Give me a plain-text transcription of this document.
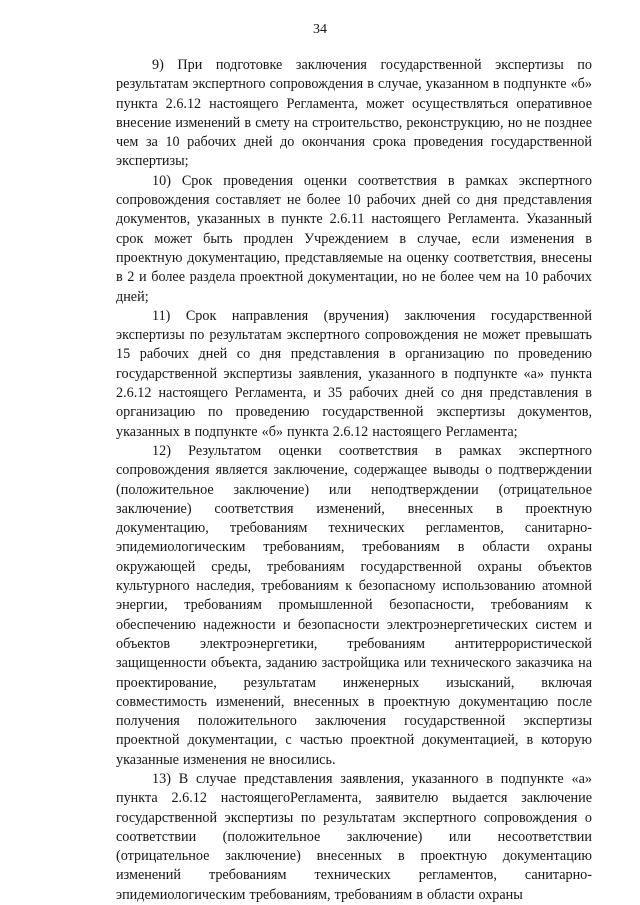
34

9) При подготовке заключения государственной экспертизы по результатам экспертного сопровождения в случае, указанном в подпункте «б» пункта 2.6.12 настоящего Регламента, может осуществляться оперативное внесение изменений в смету на строительство, реконструкцию, но не позднее чем за 10 рабочих дней до окончания срока проведения государственной экспертизы;

10) Срок проведения оценки соответствия в рамках экспертного сопровождения составляет не более 10 рабочих дней со дня представления документов, указанных в пункте 2.6.11 настоящего Регламента. Указанный срок может быть продлен Учреждением в случае, если изменения в проектную документацию, представляемые на оценку соответствия, внесены в 2 и более раздела проектной документации, но не более чем на 10 рабочих дней;

11) Срок направления (вручения) заключения государственной экспертизы по результатам экспертного сопровождения не может превышать 15 рабочих дней со дня представления в организацию по проведению государственной экспертизы заявления, указанного в подпункте «а» пункта 2.6.12 настоящего Регламента, и 35 рабочих дней со дня представления в организацию по проведению государственной экспертизы документов, указанных в подпункте «б» пункта 2.6.12 настоящего Регламента;

12) Результатом оценки соответствия в рамках экспертного сопровождения является заключение, содержащее выводы о подтверждении (положительное заключение) или неподтверждении (отрицательное заключение) соответствия изменений, внесенных в проектную документацию, требованиям технических регламентов, санитарно-эпидемиологическим требованиям, требованиям в области охраны окружающей среды, требованиям государственной охраны объектов культурного наследия, требованиям к безопасному использованию атомной энергии, требованиям промышленной безопасности, требованиям к обеспечению надежности и безопасности электроэнергетических систем и объектов электроэнергетики, требованиям антитеррористической защищенности объекта, заданию застройщика или технического заказчика на проектирование, результатам инженерных изысканий, включая совместимость изменений, внесенных в проектную документацию после получения положительного заключения государственной экспертизы проектной документации, с частью проектной документацией, в которую указанные изменения не вносились.

13) В случае представления заявления, указанного в подпункте «а» пункта 2.6.12 настоящегоРегламента, заявителю выдается заключение государственной экспертизы по результатам экспертного сопровождения о соответствии (положительное заключение) или несоответствии (отрицательное заключение) внесенных в проектную документацию изменений требованиям технических регламентов, санитарно-эпидемиологическим требованиям, требованиям в области охраны
